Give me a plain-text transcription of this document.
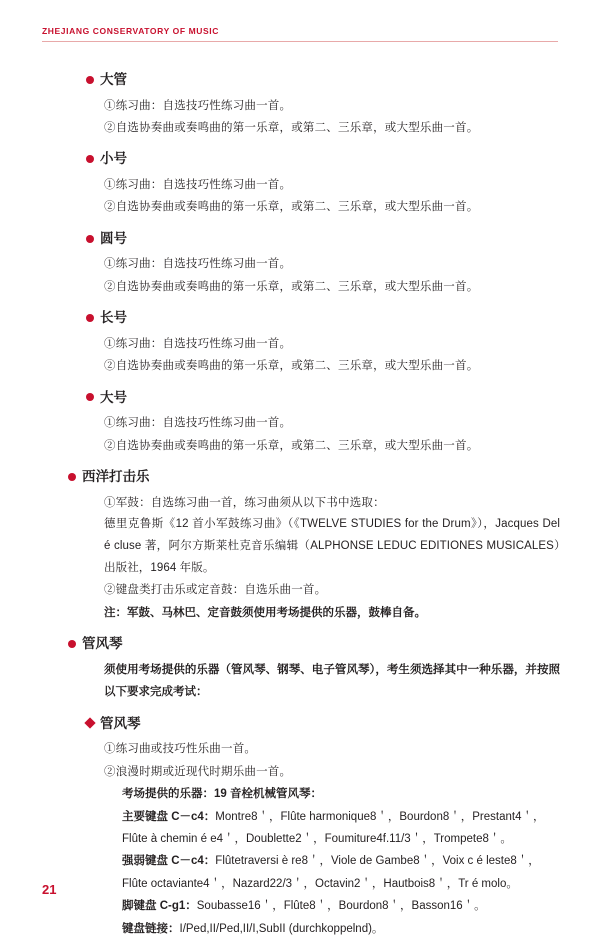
ZHEJIANG CONSERVATORY OF MUSIC
大管
①练习曲：自选技巧性练习曲一首。
②自选协奏曲或奏鸣曲的第一乐章，或第二、三乐章，或大型乐曲一首。
小号
①练习曲：自选技巧性练习曲一首。
②自选协奏曲或奏鸣曲的第一乐章，或第二、三乐章，或大型乐曲一首。
圆号
①练习曲：自选技巧性练习曲一首。
②自选协奏曲或奏鸣曲的第一乐章，或第二、三乐章，或大型乐曲一首。
长号
①练习曲：自选技巧性练习曲一首。
②自选协奏曲或奏鸣曲的第一乐章，或第二、三乐章，或大型乐曲一首。
大号
①练习曲：自选技巧性练习曲一首。
②自选协奏曲或奏鸣曲的第一乐章，或第二、三乐章，或大型乐曲一首。
西洋打击乐
①军鼓：自选练习曲一首，练习曲须从以下书中选取：
德里克鲁斯《12 首小军鼓练习曲》（《TWELVE STUDIES for the Drum》），Jacques Del é cluse 著，阿尔方斯莱杜克音乐编辑（ALPHONSE LEDUC EDITIONES MUSICALES）出版社，1964 年版。
②键盘类打击乐或定音鼓：自选乐曲一首。
注：军鼓、马林巴、定音鼓须使用考场提供的乐器，鼓棒自备。
管风琴
须使用考场提供的乐器（管风琴、钢琴、电子管风琴），考生须选择其中一种乐器，并按照以下要求完成考试：
管风琴
①练习曲或技巧性乐曲一首。
②浪漫时期或近现代时期乐曲一首。
考场提供的乐器：19 音栓机械管风琴：
主要键盘 C－c4：Montre8＇，Flûte harmonique8＇，Bourdon8＇，Prestant4＇，Flûte à chemin é e4＇，Doublette2＇，Foumiture4f.11/3＇，Trompete8＇。
强弱键盘 C－c4：Flûtetraversi è re8＇，Viole de Gambe8＇，Voix c é leste8＇，Flûte octaviante4＇，Nazard22/3＇，Octavin2＇，Hautbois8＇，Tr é molo。
脚键盘 C-g1：Soubasse16＇，Flûte8＇，Bourdon8＇，Basson16＇。
键盘链接：I/Ped,II/Ped,II/I,SubII (durchkoppelnd)。
21
